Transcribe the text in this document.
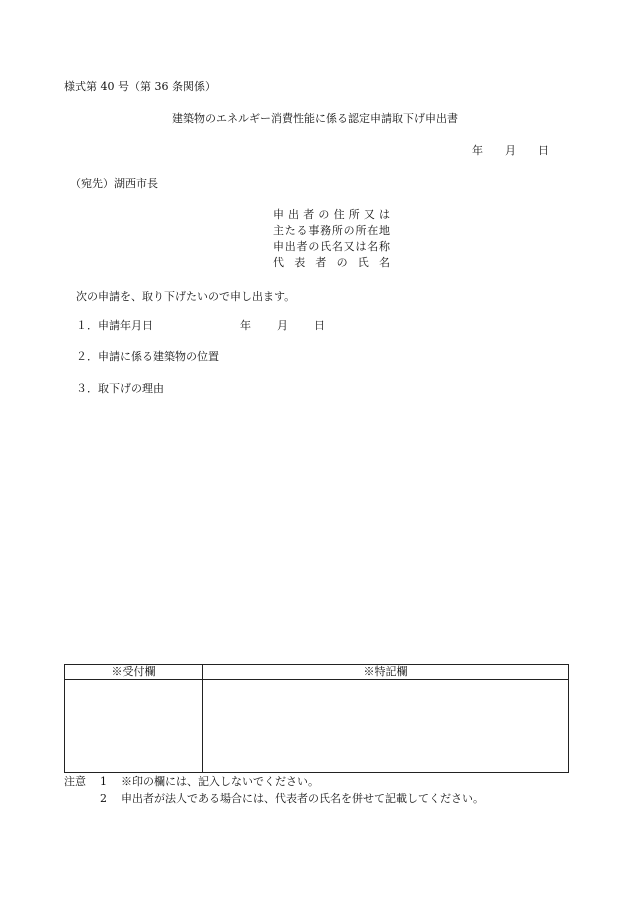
様式第 40 号（第 36 条関係）
建築物のエネルギー消費性能に係る認定申請取下げ申出書
年 月 日
（宛先）湖西市長
申出者の住所又は
主たる事務所の所在地
申出者の氏名又は名称
代表者の氏名
次の申請を、取り下げたいので申し出ます。
１．申請年月日	年 月 日
２．申請に係る建築物の位置
３．取下げの理由
※受付欄	※特記欄

注意 1 ※印の欄には、記入しないでください。
2 申出者が法人である場合には、代表者の氏名を併せて記載してください。
